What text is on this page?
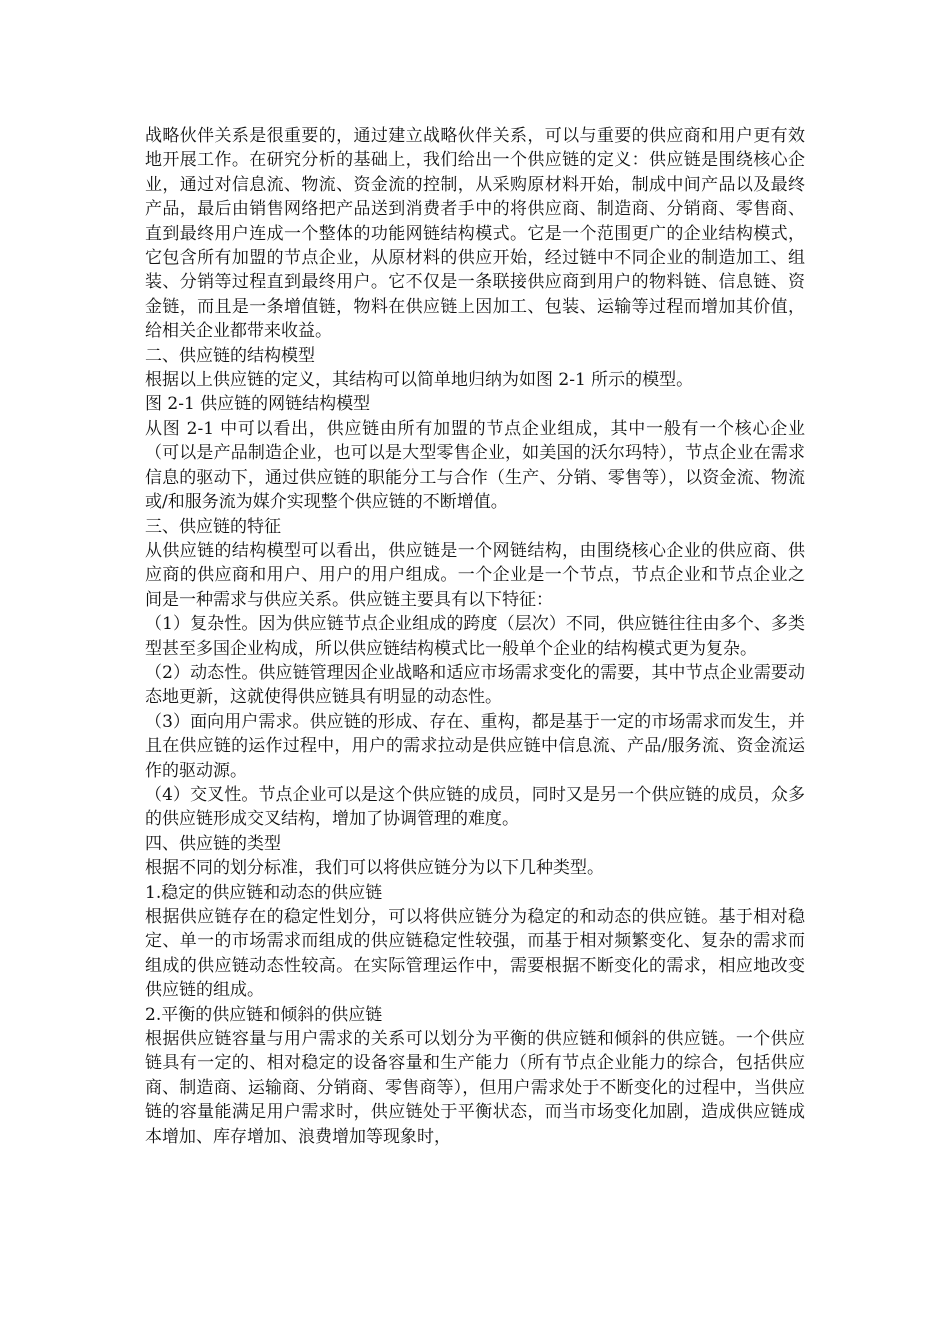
战略伙伴关系是很重要的，通过建立战略伙伴关系，可以与重要的供应商和用户更有效地开展工作。在研究分析的基础上，我们给出一个供应链的定义：供应链是围绕核心企业，通过对信息流、物流、资金流的控制，从采购原材料开始，制成中间产品以及最终产品，最后由销售网络把产品送到消费者手中的将供应商、制造商、分销商、零售商、直到最终用户连成一个整体的功能网链结构模式。它是一个范围更广的企业结构模式，它包含所有加盟的节点企业，从原材料的供应开始，经过链中不同企业的制造加工、组装、分销等过程直到最终用户。它不仅是一条联接供应商到用户的物料链、信息链、资金链，而且是一条增值链，物料在供应链上因加工、包装、运输等过程而增加其价值，给相关企业都带来收益。

二、供应链的结构模型

根据以上供应链的定义，其结构可以简单地归纳为如图 2-1 所示的模型。

图 2-1 供应链的网链结构模型

从图 2-1 中可以看出，供应链由所有加盟的节点企业组成，其中一般有一个核心企业（可以是产品制造企业，也可以是大型零售企业，如美国的沃尔玛特），节点企业在需求信息的驱动下，通过供应链的职能分工与合作（生产、分销、零售等），以资金流、物流或/和服务流为媒介实现整个供应链的不断增值。

三、供应链的特征

从供应链的结构模型可以看出，供应链是一个网链结构，由围绕核心企业的供应商、供应商的供应商和用户、用户的用户组成。一个企业是一个节点，节点企业和节点企业之间是一种需求与供应关系。供应链主要具有以下特征：

（1）复杂性。因为供应链节点企业组成的跨度（层次）不同，供应链往往由多个、多类型甚至多国企业构成，所以供应链结构模式比一般单个企业的结构模式更为复杂。

（2）动态性。供应链管理因企业战略和适应市场需求变化的需要，其中节点企业需要动态地更新，这就使得供应链具有明显的动态性。

（3）面向用户需求。供应链的形成、存在、重构，都是基于一定的市场需求而发生，并且在供应链的运作过程中，用户的需求拉动是供应链中信息流、产品/服务流、资金流运作的驱动源。

（4）交叉性。节点企业可以是这个供应链的成员，同时又是另一个供应链的成员，众多的供应链形成交叉结构，增加了协调管理的难度。

四、供应链的类型

根据不同的划分标准，我们可以将供应链分为以下几种类型。

1.稳定的供应链和动态的供应链

根据供应链存在的稳定性划分，可以将供应链分为稳定的和动态的供应链。基于相对稳定、单一的市场需求而组成的供应链稳定性较强，而基于相对频繁变化、复杂的需求而组成的供应链动态性较高。在实际管理运作中，需要根据不断变化的需求，相应地改变供应链的组成。

2.平衡的供应链和倾斜的供应链

根据供应链容量与用户需求的关系可以划分为平衡的供应链和倾斜的供应链。一个供应链具有一定的、相对稳定的设备容量和生产能力（所有节点企业能力的综合，包括供应商、制造商、运输商、分销商、零售商等），但用户需求处于不断变化的过程中，当供应链的容量能满足用户需求时，供应链处于平衡状态，而当市场变化加剧，造成供应链成本增加、库存增加、浪费增加等现象时，
